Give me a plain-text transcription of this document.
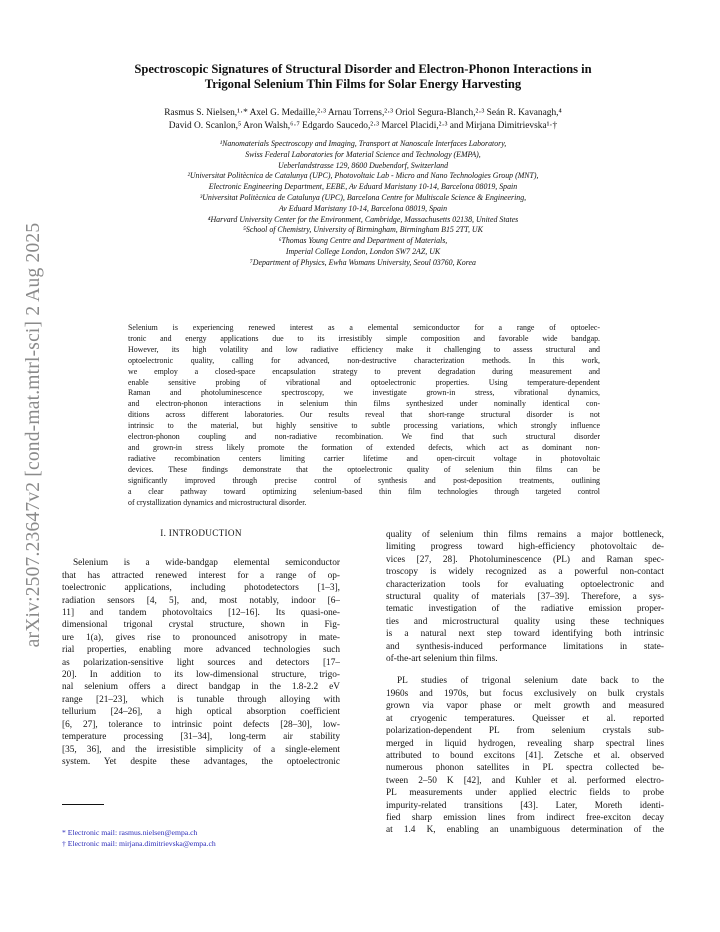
arXiv:2507.23647v2 [cond-mat.mtrl-sci] 2 Aug 2025
Spectroscopic Signatures of Structural Disorder and Electron-Phonon Interactions in
Trigonal Selenium Thin Films for Solar Energy Harvesting
Rasmus S. Nielsen,¹·* Axel G. Medaille,²·³ Arnau Torrens,²·³ Oriol Segura-Blanch,²·³ Seán R. Kavanagh,⁴
David O. Scanlon,⁵ Aron Walsh,⁶·⁷ Edgardo Saucedo,²·³ Marcel Placidi,²·³ and Mirjana Dimitrievska¹·†
¹Nanomaterials Spectroscopy and Imaging, Transport at Nanoscale Interfaces Laboratory,
Swiss Federal Laboratories for Material Science and Technology (EMPA),
Ueberlandstrasse 129, 8600 Duebendorf, Switzerland
²Universitat Politècnica de Catalunya (UPC), Photovoltaic Lab - Micro and Nano Technologies Group (MNT),
Electronic Engineering Department, EEBE, Av Eduard Maristany 10-14, Barcelona 08019, Spain
³Universitat Politècnica de Catalunya (UPC), Barcelona Centre for Multiscale Science & Engineering,
Av Eduard Maristany 10-14, Barcelona 08019, Spain
⁴Harvard University Center for the Environment, Cambridge, Massachusetts 02138, United States
⁵School of Chemistry, University of Birmingham, Birmingham B15 2TT, UK
⁶Thomas Young Centre and Department of Materials,
Imperial College London, London SW7 2AZ, UK
⁷Department of Physics, Ewha Womans University, Seoul 03760, Korea
Selenium is experiencing renewed interest as a elemental semiconductor for a range of optoelec-
tronic and energy applications due to its irresistibly simple composition and favorable wide bandgap.
However, its high volatility and low radiative efficiency make it challenging to assess structural and
optoelectronic quality, calling for advanced, non-destructive characterization methods. In this work,
we employ a closed-space encapsulation strategy to prevent degradation during measurement and
enable sensitive probing of vibrational and optoelectronic properties. Using temperature-dependent
Raman and photoluminescence spectroscopy, we investigate grown-in stress, vibrational dynamics,
and electron-phonon interactions in selenium thin films synthesized under nominally identical con-
ditions across different laboratories. Our results reveal that short-range structural disorder is not
intrinsic to the material, but highly sensitive to subtle processing variations, which strongly influence
electron-phonon coupling and non-radiative recombination. We find that such structural disorder
and grown-in stress likely promote the formation of extended defects, which act as dominant non-
radiative recombination centers limiting carrier lifetime and open-circuit voltage in photovoltaic
devices. These findings demonstrate that the optoelectronic quality of selenium thin films can be
significantly improved through precise control of synthesis and post-deposition treatments, outlining
a clear pathway toward optimizing selenium-based thin film technologies through targeted control
of crystallization dynamics and microstructural disorder.
I. INTRODUCTION
Selenium is a wide-bandgap elemental semiconductor
that has attracted renewed interest for a range of op-
toelectronic applications, including photodetectors [1–3],
radiation sensors [4, 5], and, most notably, indoor [6–
11] and tandem photovoltaics [12–16]. Its quasi-one-
dimensional trigonal crystal structure, shown in Fig-
ure 1(a), gives rise to pronounced anisotropy in mate-
rial properties, enabling more advanced technologies such
as polarization-sensitive light sources and detectors [17–
20]. In addition to its low-dimensional structure, trigo-
nal selenium offers a direct bandgap in the 1.8-2.2 eV
range [21–23], which is tunable through alloying with
tellurium [24–26], a high optical absorption coefficient
[6, 27], tolerance to intrinsic point defects [28–30], low-
temperature processing [31–34], long-term air stability
[35, 36], and the irresistible simplicity of a single-element
system. Yet despite these advantages, the optoelectronic
quality of selenium thin films remains a major bottleneck,
limiting progress toward high-efficiency photovoltaic de-
vices [27, 28]. Photoluminescence (PL) and Raman spec-
troscopy is widely recognized as a powerful non-contact
characterization tools for evaluating optoelectronic and
structural quality of materials [37–39]. Therefore, a sys-
tematic investigation of the radiative emission proper-
ties and microstructural quality using these techniques
is a natural next step toward identifying both intrinsic
and synthesis-induced performance limitations in state-
of-the-art selenium thin films.
PL studies of trigonal selenium date back to the
1960s and 1970s, but focus exclusively on bulk crystals
grown via vapor phase or melt growth and measured
at cryogenic temperatures. Queisser et al. reported
polarization-dependent PL from selenium crystals sub-
merged in liquid hydrogen, revealing sharp spectral lines
attributed to bound excitons [41]. Zetsche et al. observed
numerous phonon satellites in PL spectra collected be-
tween 2–50 K [42], and Kuhler et al. performed electro-
PL measurements under applied electric fields to probe
impurity-related transitions [43]. Later, Moreth identi-
fied sharp emission lines from indirect free-exciton decay
at 1.4 K, enabling an unambiguous determination of the
* Electronic mail: rasmus.nielsen@empa.ch
† Electronic mail: mirjana.dimitrievska@empa.ch
